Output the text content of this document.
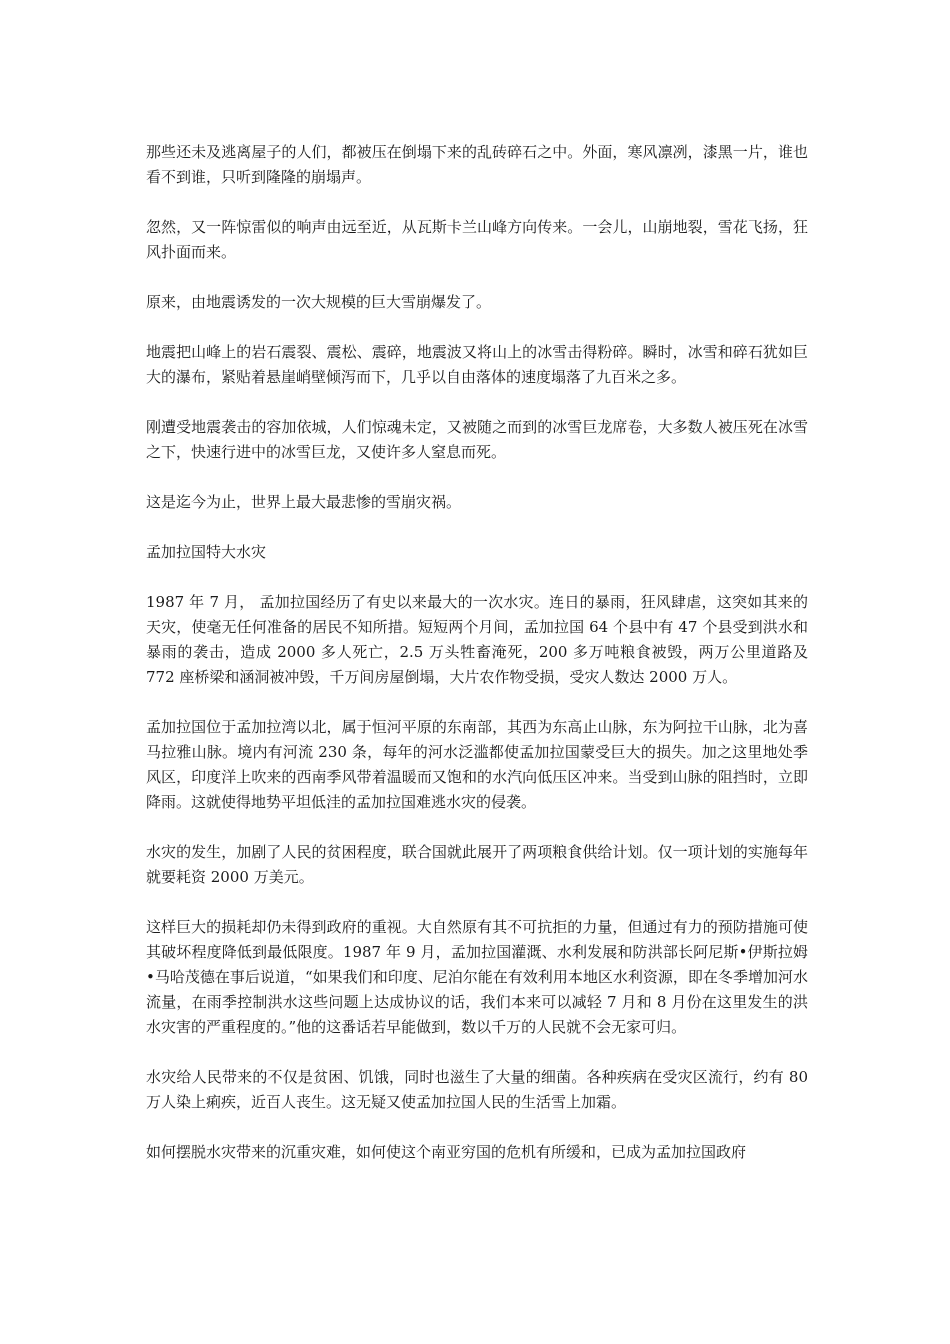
那些还未及逃离屋子的人们，都被压在倒塌下来的乱砖碎石之中。外面，寒风凛冽，漆黑一片，谁也看不到谁，只听到隆隆的崩塌声。

忽然，又一阵惊雷似的响声由远至近，从瓦斯卡兰山峰方向传来。一会儿，山崩地裂，雪花飞扬，狂风扑面而来。

原来，由地震诱发的一次大规模的巨大雪崩爆发了。

地震把山峰上的岩石震裂、震松、震碎，地震波又将山上的冰雪击得粉碎。瞬时，冰雪和碎石犹如巨大的瀑布，紧贴着悬崖峭壁倾泻而下，几乎以自由落体的速度塌落了九百米之多。

刚遭受地震袭击的容加依城，人们惊魂未定，又被随之而到的冰雪巨龙席卷，大多数人被压死在冰雪之下，快速行进中的冰雪巨龙，又使许多人窒息而死。

这是迄今为止，世界上最大最悲惨的雪崩灾祸。

孟加拉国特大水灾

1987 年 7 月， 孟加拉国经历了有史以来最大的一次水灾。连日的暴雨，狂风肆虐，这突如其来的天灾，使毫无任何准备的居民不知所措。短短两个月间，孟加拉国 64 个县中有 47 个县受到洪水和暴雨的袭击，造成 2000 多人死亡，2.5 万头牲畜淹死，200 多万吨粮食被毁，两万公里道路及 772 座桥梁和涵洞被冲毁，千万间房屋倒塌，大片农作物受损，受灾人数达 2000 万人。

孟加拉国位于孟加拉湾以北，属于恒河平原的东南部，其西为东高止山脉，东为阿拉干山脉，北为喜马拉雅山脉。境内有河流 230 条，每年的河水泛滥都使孟加拉国蒙受巨大的损失。加之这里地处季风区，印度洋上吹来的西南季风带着温暖而又饱和的水汽向低压区冲来。当受到山脉的阻挡时，立即降雨。这就使得地势平坦低洼的孟加拉国难逃水灾的侵袭。

水灾的发生，加剧了人民的贫困程度，联合国就此展开了两项粮食供给计划。仅一项计划的实施每年就要耗资 2000 万美元。

这样巨大的损耗却仍未得到政府的重视。大自然原有其不可抗拒的力量，但通过有力的预防措施可使其破坏程度降低到最低限度。1987 年 9 月，孟加拉国灌溉、水利发展和防洪部长阿尼斯•伊斯拉姆•马哈茂德在事后说道，“如果我们和印度、尼泊尔能在有效利用本地区水利资源，即在冬季增加河水流量，在雨季控制洪水这些问题上达成协议的话，我们本来可以减轻 7 月和 8 月份在这里发生的洪水灾害的严重程度的。”他的这番话若早能做到，数以千万的人民就不会无家可归。

水灾给人民带来的不仅是贫困、饥饿，同时也滋生了大量的细菌。各种疾病在受灾区流行，约有 80 万人染上痢疾，近百人丧生。这无疑又使孟加拉国人民的生活雪上加霜。

如何摆脱水灾带来的沉重灾难，如何使这个南亚穷国的危机有所缓和，已成为孟加拉国政府
